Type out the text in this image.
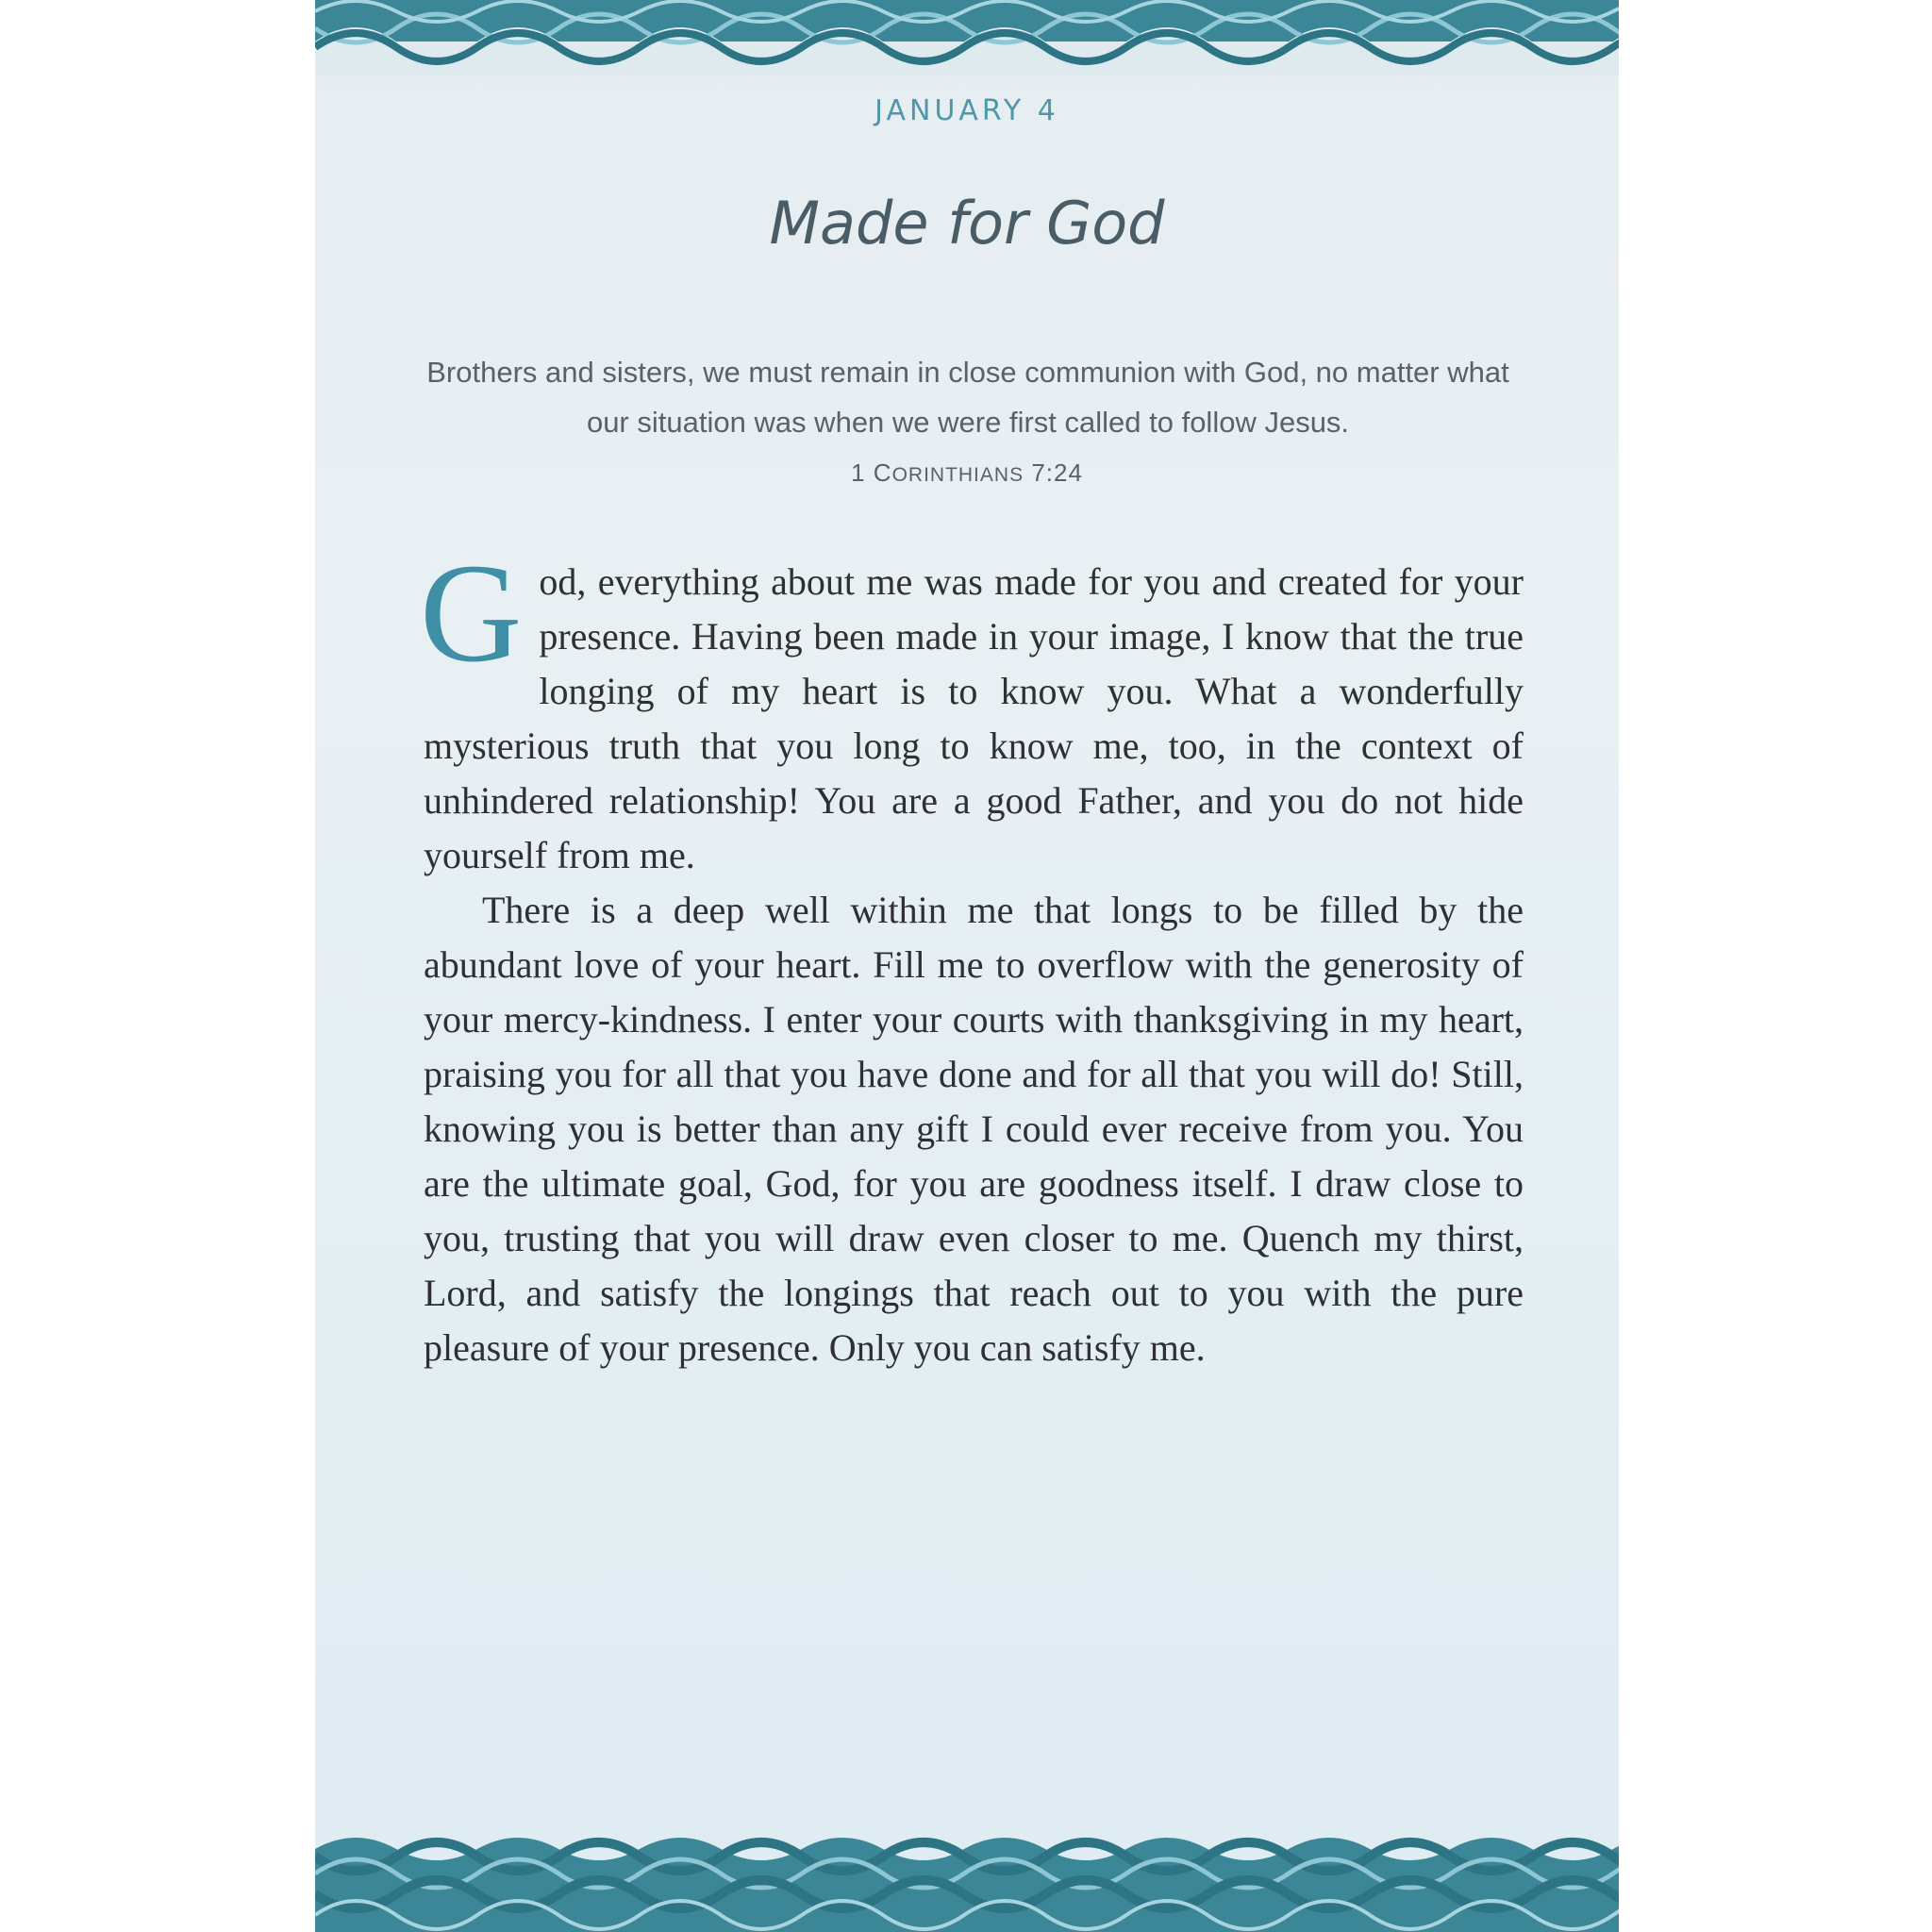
JANUARY 4
Made for God

Brothers and sisters, we must remain in close communion with God, no matter what our situation was when we were first called to follow Jesus.

1 CORINTHIANS 7:24

God, everything about me was made for you and created for your presence. Having been made in your image, I know that the true longing of my heart is to know you. What a wonderfully mysterious truth that you long to know me, too, in the context of unhindered relationship! You are a good Father, and you do not hide yourself from me.

There is a deep well within me that longs to be filled by the abundant love of your heart. Fill me to overflow with the generosity of your mercy-kindness. I enter your courts with thanksgiving in my heart, praising you for all that you have done and for all that you will do! Still, knowing you is better than any gift I could ever receive from you. You are the ultimate goal, God, for you are goodness itself. I draw close to you, trusting that you will draw even closer to me. Quench my thirst, Lord, and satisfy the longings that reach out to you with the pure pleasure of your presence. Only you can satisfy me.
